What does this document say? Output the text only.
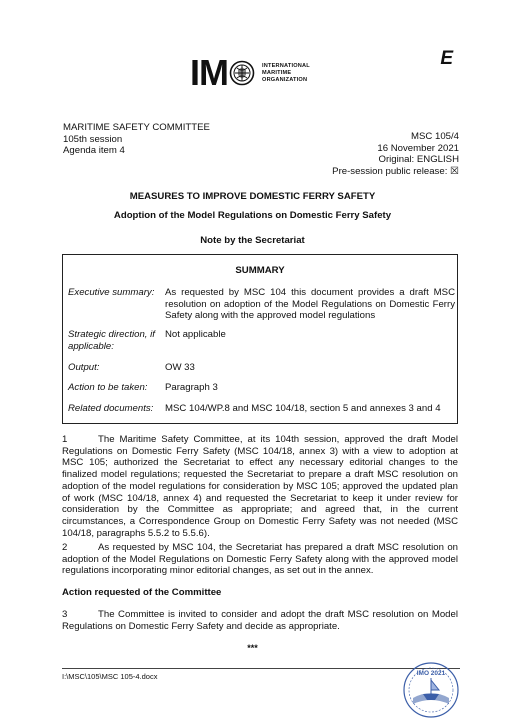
I M	INTERNATIONAL
MARITIME
ORGANIZATION
E
MARITIME SAFETY COMMITTEE
105th session
Agenda item 4
MSC 105/4
16 November 2021
Original: ENGLISH
Pre-session public release: ☒
MEASURES TO IMPROVE DOMESTIC FERRY SAFETY
Adoption of the Model Regulations on Domestic Ferry Safety
Note by the Secretariat
SUMMARY
Executive summary:	As requested by MSC 104 this document provides a draft MSC resolution on adoption of the Model Regulations on Domestic Ferry Safety along with the approved model regulations
Strategic direction, if applicable:
Not applicable
Output:	OW 33
Action to be taken:	Paragraph 3
Related documents:	MSC 104/WP.8 and MSC 104/18, section 5 and annexes 3 and 4
1	The Maritime Safety Committee, at its 104th session, approved the draft Model Regulations on Domestic Ferry Safety (MSC 104/18, annex 3) with a view to adoption at MSC 105; authorized the Secretariat to effect any necessary editorial changes to the finalized model regulations; requested the Secretariat to prepare a draft MSC resolution on adoption of the model regulations for consideration by MSC 105; approved the updated plan of work (MSC 104/18, annex 4) and requested the Secretariat to keep it under review for consideration by the Committee as appropriate; and agreed that, in the current circumstances, a Correspondence Group on Domestic Ferry Safety was not needed (MSC 104/18, paragraphs 5.5.2 to 5.5.6).
2	As requested by MSC 104, the Secretariat has prepared a draft MSC resolution on adoption of the Model Regulations on Domestic Ferry Safety along with the approved model regulations incorporating minor editorial changes, as set out in the annex.
Action requested of the Committee
3	The Committee is invited to consider and adopt the draft MSC resolution on Model Regulations on Domestic Ferry Safety and decide as appropriate.
***
I:\MSC\105\MSC 105-4.docx	IMO 2021
